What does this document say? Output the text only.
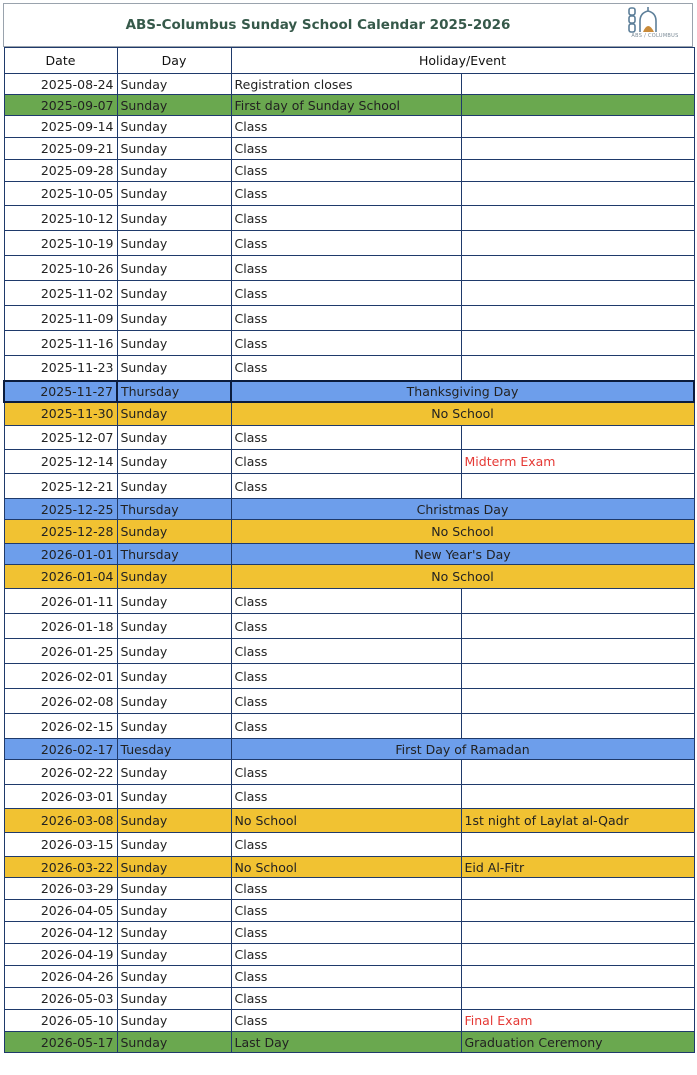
ABS-Columbus Sunday School Calendar 2025-2026
ABS / COLUMBUS
Date	Day	Holiday/Event	
2025-08-24	Sunday	Registration closes	
2025-09-07	Sunday	First day of Sunday School	
2025-09-14	Sunday	Class	
2025-09-21	Sunday	Class	
2025-09-28	Sunday	Class	
2025-10-05	Sunday	Class	
2025-10-12	Sunday	Class	
2025-10-19	Sunday	Class	
2025-10-26	Sunday	Class	
2025-11-02	Sunday	Class	
2025-11-09	Sunday	Class	
2025-11-16	Sunday	Class	
2025-11-23	Sunday	Class	
2025-11-27	Thursday	Thanksgiving Day	
2025-11-30	Sunday	No School	
2025-12-07	Sunday	Class	
2025-12-14	Sunday	Class	Midterm Exam
2025-12-21	Sunday	Class	
2025-12-25	Thursday	Christmas Day	
2025-12-28	Sunday	No School	
2026-01-01	Thursday	New Year's Day	
2026-01-04	Sunday	No School	
2026-01-11	Sunday	Class	
2026-01-18	Sunday	Class	
2026-01-25	Sunday	Class	
2026-02-01	Sunday	Class	
2026-02-08	Sunday	Class	
2026-02-15	Sunday	Class	
2026-02-17	Tuesday	First Day of Ramadan	
2026-02-22	Sunday	Class	
2026-03-01	Sunday	Class	
2026-03-08	Sunday	No School	1st night of Laylat al-Qadr
2026-03-15	Sunday	Class	
2026-03-22	Sunday	No School	Eid Al-Fitr
2026-03-29	Sunday	Class	
2026-04-05	Sunday	Class	
2026-04-12	Sunday	Class	
2026-04-19	Sunday	Class	
2026-04-26	Sunday	Class	
2026-05-03	Sunday	Class	
2026-05-10	Sunday	Class	Final Exam
2026-05-17	Sunday	Last Day	Graduation Ceremony
